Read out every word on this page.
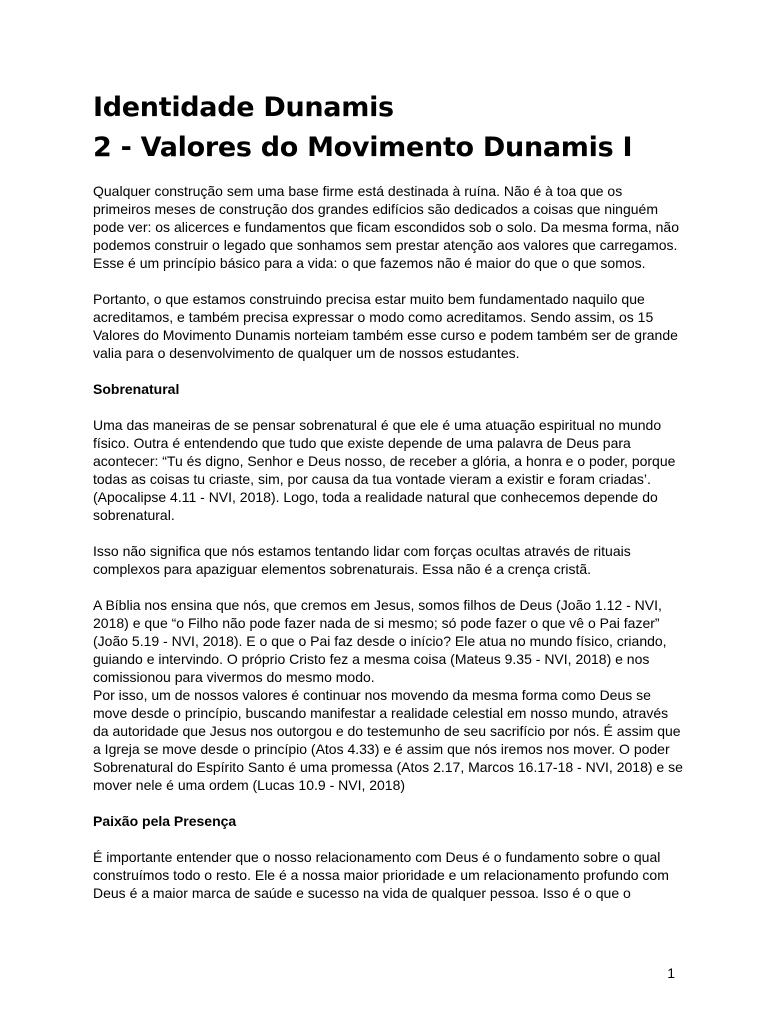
Identidade Dunamis
2 - Valores do Movimento Dunamis I

Qualquer construção sem uma base firme está destinada à ruína. Não é à toa que os primeiros meses de construção dos grandes edifícios são dedicados a coisas que ninguém pode ver: os alicerces e fundamentos que ficam escondidos sob o solo. Da mesma forma, não podemos construir o legado que sonhamos sem prestar atenção aos valores que carregamos. Esse é um princípio básico para a vida: o que fazemos não é maior do que o que somos.

Portanto, o que estamos construindo precisa estar muito bem fundamentado naquilo que acreditamos, e também precisa expressar o modo como acreditamos. Sendo assim, os 15 Valores do Movimento Dunamis norteiam também esse curso e podem também ser de grande valia para o desenvolvimento de qualquer um de nossos estudantes.

Sobrenatural

Uma das maneiras de se pensar sobrenatural é que ele é uma atuação espiritual no mundo físico. Outra é entendendo que tudo que existe depende de uma palavra de Deus para acontecer: “Tu és digno, Senhor e Deus nosso, de receber a glória, a honra e o poder, porque todas as coisas tu criaste, sim, por causa da tua vontade vieram a existir e foram criadas’. (Apocalipse 4.11 - NVI, 2018). Logo, toda a realidade natural que conhecemos depende do sobrenatural.

Isso não significa que nós estamos tentando lidar com forças ocultas através de rituais complexos para apaziguar elementos sobrenaturais. Essa não é a crença cristã.

A Bíblia nos ensina que nós, que cremos em Jesus, somos filhos de Deus (João 1.12 - NVI, 2018) e que “o Filho não pode fazer nada de si mesmo; só pode fazer o que vê o Pai fazer” (João 5.19 - NVI, 2018). E o que o Pai faz desde o início? Ele atua no mundo físico, criando, guiando e intervindo. O próprio Cristo fez a mesma coisa (Mateus 9.35 - NVI, 2018) e nos comissionou para vivermos do mesmo modo.

Por isso, um de nossos valores é continuar nos movendo da mesma forma como Deus se move desde o princípio, buscando manifestar a realidade celestial em nosso mundo, através da autoridade que Jesus nos outorgou e do testemunho de seu sacrifício por nós. É assim que a Igreja se move desde o princípio (Atos 4.33) e é assim que nós iremos nos mover. O poder Sobrenatural do Espírito Santo é uma promessa (Atos 2.17, Marcos 16.17-18 - NVI, 2018) e se mover nele é uma ordem (Lucas 10.9 - NVI, 2018)

Paixão pela Presença

É importante entender que o nosso relacionamento com Deus é o fundamento sobre o qual construímos todo o resto. Ele é a nossa maior prioridade e um relacionamento profundo com Deus é a maior marca de saúde e sucesso na vida de qualquer pessoa. Isso é o que o

1
